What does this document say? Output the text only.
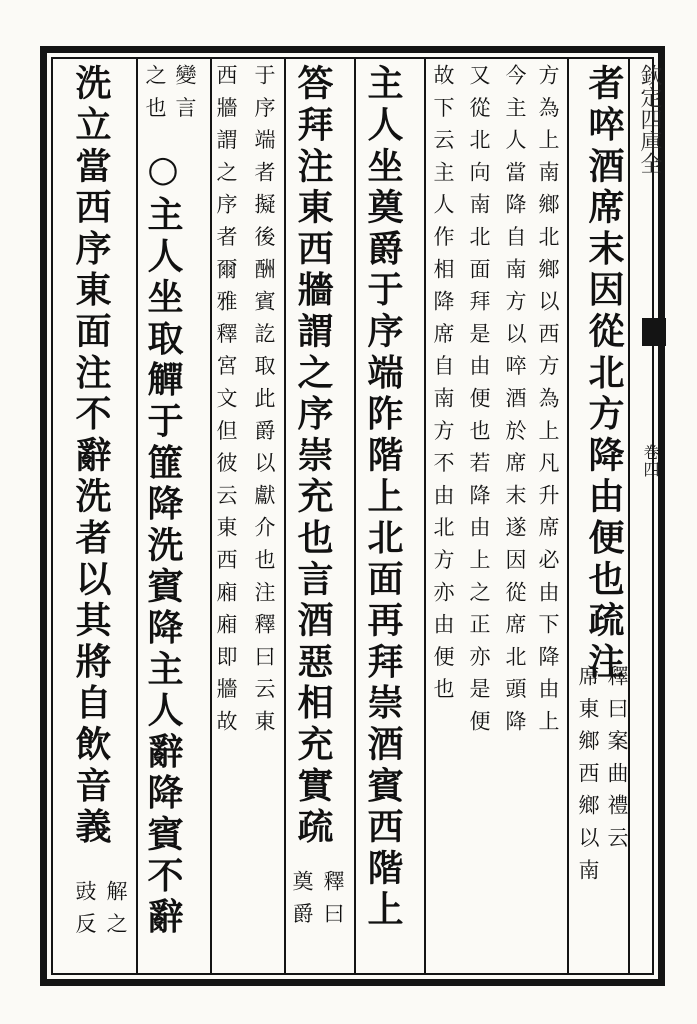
欽定四庫全
卷四
者啐酒席末因從北方降由便也疏注
釋曰案曲禮云
方為上南鄉北鄉以西方為上凡升席必由下降由上
席東鄉西鄉以南
今主人當降自南方以啐酒於席末遂因從席北頭降
又從北向南北面拜是由便也若降由上之正亦是便
故下云主人作相降席自南方不由北方亦由便也
主人坐奠爵于序端阼階上北面再拜崇酒賓西階上
答拜注東西牆謂之序崇充也言酒惡相充實疏
釋曰
奠爵
于序端者擬後酬賓訖取此爵以獻介也注釋曰云東
西牆謂之序者爾雅釋宮文但彼云東西廂廂即牆故
變言
之也
○主人坐取觶于篚降洗賓降主人辭降賓不辭
洗立當西序東面注不辭洗者以其將自飲音義
解之
豉反
